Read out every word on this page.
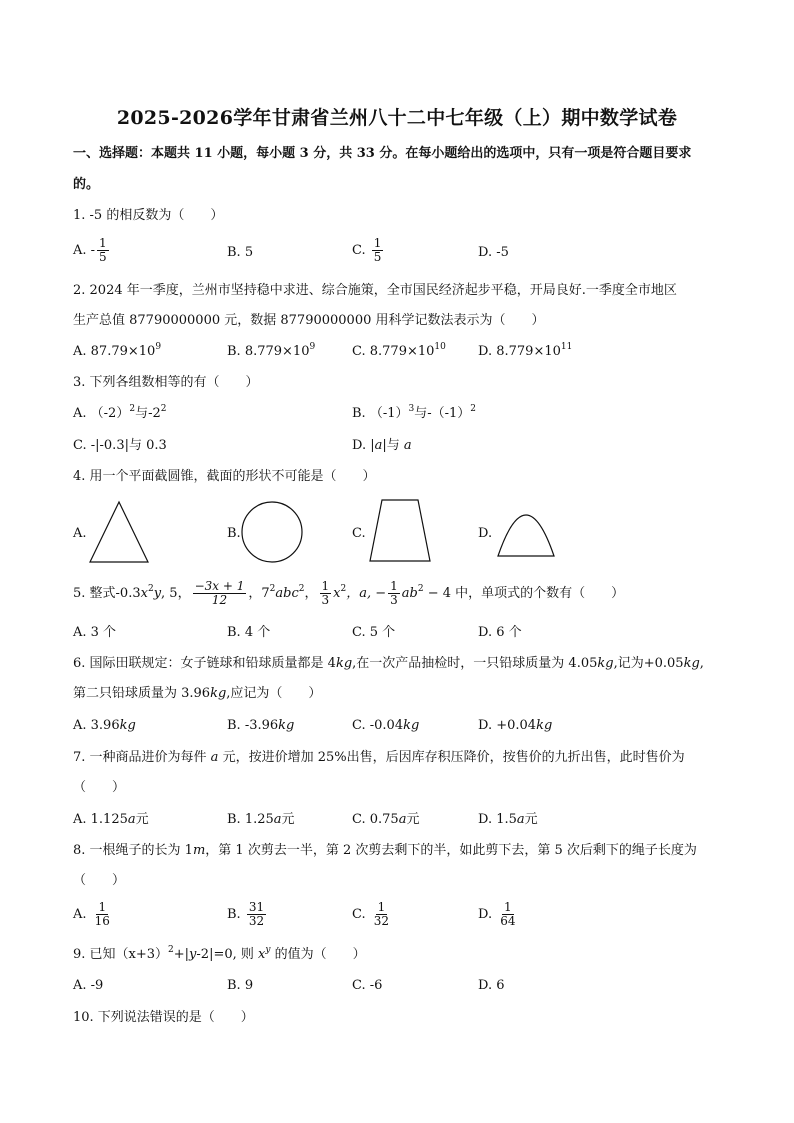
2025-2026学年甘肃省兰州八十二中七年级（上）期中数学试卷
一、选择题：本题共 11 小题，每小题 3 分，共 33 分。在每小题给出的选项中，只有一项是符合题目要求
的。
1. -5 的相反数为（　　）
A. - $\frac{1}{5}$	B. 5	C. $\frac{1}{5}$	D. -5
2. 2024 年一季度，兰州市坚持稳中求进、综合施策，全市国民经济起步平稳，开局良好.一季度全市地区
生产总值 87790000000 元，数据 87790000000 用科学记数法表示为（　　）
A. $87.79\times 10^9$	B. $8.779\times 10^9$	C. $8.779\times 10^{10}$ D. $8.779\times 10^{11}$
3. 下列各组数相等的有（　　）
A. $(-2)^2$与$-2^2$	B. $(-1)^3$与$-(-1)^2$
C. -|-0.3|与 0.3	D. |a|与 a
4. 用一个平面截圆锥，截面的形状不可能是（　　）
A.	B.	C.	D.
5. 整式$-0.3x^2y$, 5， $\frac{-3x + 1}{12}$ ，$7^2abc^2$， $\frac{1}{3} x^2$，a, − $\frac{1}{3} ab^2 - 4$ 中，单项式的个数有（　　）
A. 3 个	B. 4 个	C. 5 个	D. 6 个
6. 国际田联规定：女子链球和铅球质量都是 4kg,在一次产品抽检时，一只铅球质量为 4.05kg,记为+0.05kg,
第二只铅球质量为 3.96kg,应记为（　　）
A. 3.96kg	B. -3.96kg	C. -0.04kg	D. +0.04kg
7. 一种商品进价为每件 a 元，按进价增加 25%出售，后因库存积压降价，按售价的九折出售，此时售价为
（　　）
A. 1.125a元	B. 1.25a元	C. 0.75a元	D. 1.5a元
8. 一根绳子的长为 1m，第 1 次剪去一半，第 2 次剪去剩下的半，如此剪下去，第 5 次后剩下的绳子长度为
（　　）
A. $\frac{1}{16}$	B. $\frac{31}{32}$	C. $\frac{1}{32}$	D. $\frac{1}{64}$
9. 已知$(x+3)^2+|y-2|=0$, 则 $x^y$ 的值为（　　）
A. -9	B. 9	C. -6	D. 6
10. 下列说法错误的是（　　）
